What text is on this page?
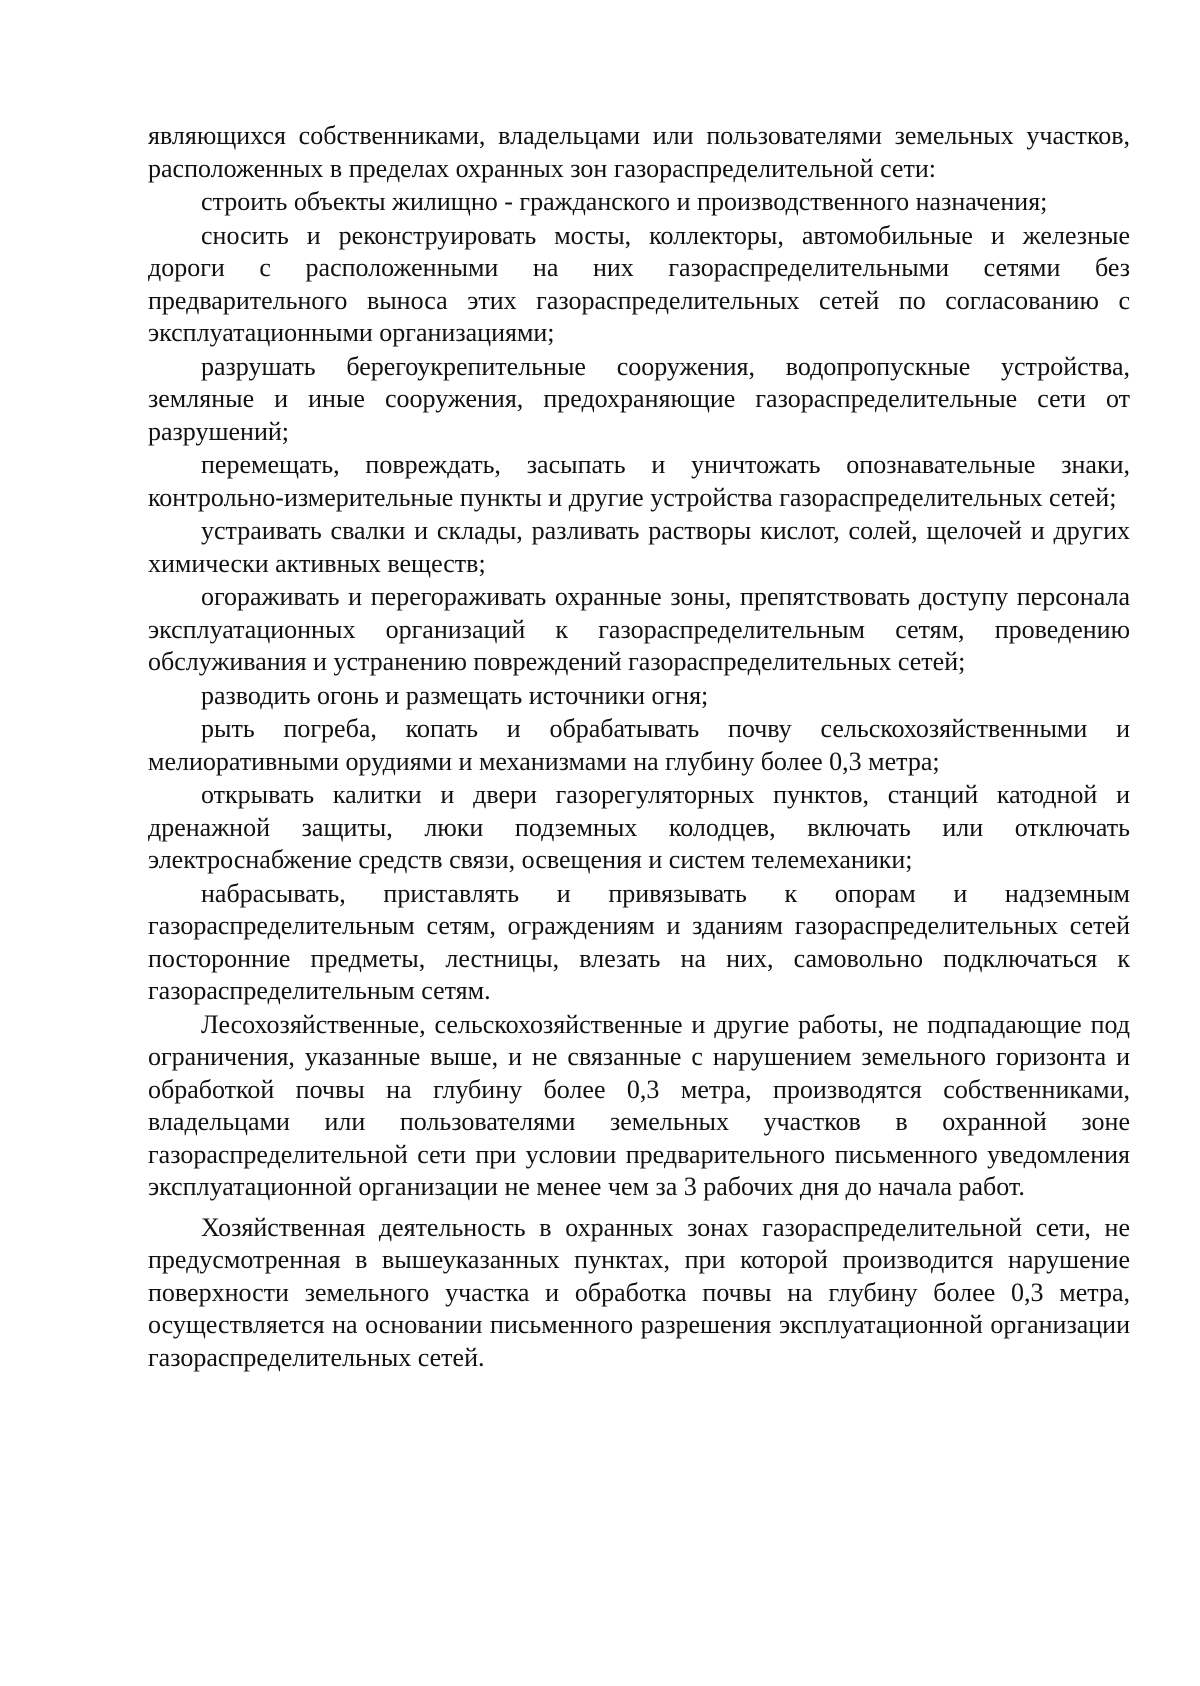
являющихся собственниками, владельцами или пользователями земельных участков, расположенных в пределах охранных зон газораспределительной сети:

строить объекты жилищно - гражданского и производственного назначения;

сносить и реконструировать мосты, коллекторы, автомобильные и железные дороги с расположенными на них газораспределительными сетями без предварительного выноса этих газораспределительных сетей по согласованию с эксплуатационными организациями;

разрушать берегоукрепительные сооружения, водопропускные устройства, земляные и иные сооружения, предохраняющие газораспределительные сети от разрушений;

перемещать, повреждать, засыпать и уничтожать опознавательные знаки, контрольно-измерительные пункты и другие устройства газораспределительных сетей;

устраивать свалки и склады, разливать растворы кислот, солей, щелочей и других химически активных веществ;

огораживать и перегораживать охранные зоны, препятствовать доступу персонала эксплуатационных организаций к газораспределительным сетям, проведению обслуживания и устранению повреждений газораспределительных сетей;

разводить огонь и размещать источники огня;

рыть погреба, копать и обрабатывать почву сельскохозяйственными и мелиоративными орудиями и механизмами на глубину более 0,3 метра;

открывать калитки и двери газорегуляторных пунктов, станций катодной и дренажной защиты, люки подземных колодцев, включать или отключать электроснабжение средств связи, освещения и систем телемеханики;

набрасывать, приставлять и привязывать к опорам и надземным газораспределительным сетям, ограждениям и зданиям газораспределительных сетей посторонние предметы, лестницы, влезать на них, самовольно подключаться к газораспределительным сетям.

Лесохозяйственные, сельскохозяйственные и другие работы, не подпадающие под ограничения, указанные выше, и не связанные с нарушением земельного горизонта и обработкой почвы на глубину более 0,3 метра, производятся собственниками, владельцами или пользователями земельных участков в охранной зоне газораспределительной сети при условии предварительного письменного уведомления эксплуатационной организации не менее чем за 3 рабочих дня до начала работ.

Хозяйственная деятельность в охранных зонах газораспределительной сети, не предусмотренная в вышеуказанных пунктах, при которой производится нарушение поверхности земельного участка и обработка почвы на глубину более 0,3 метра, осуществляется на основании письменного разрешения эксплуатационной организации газораспределительных сетей.
